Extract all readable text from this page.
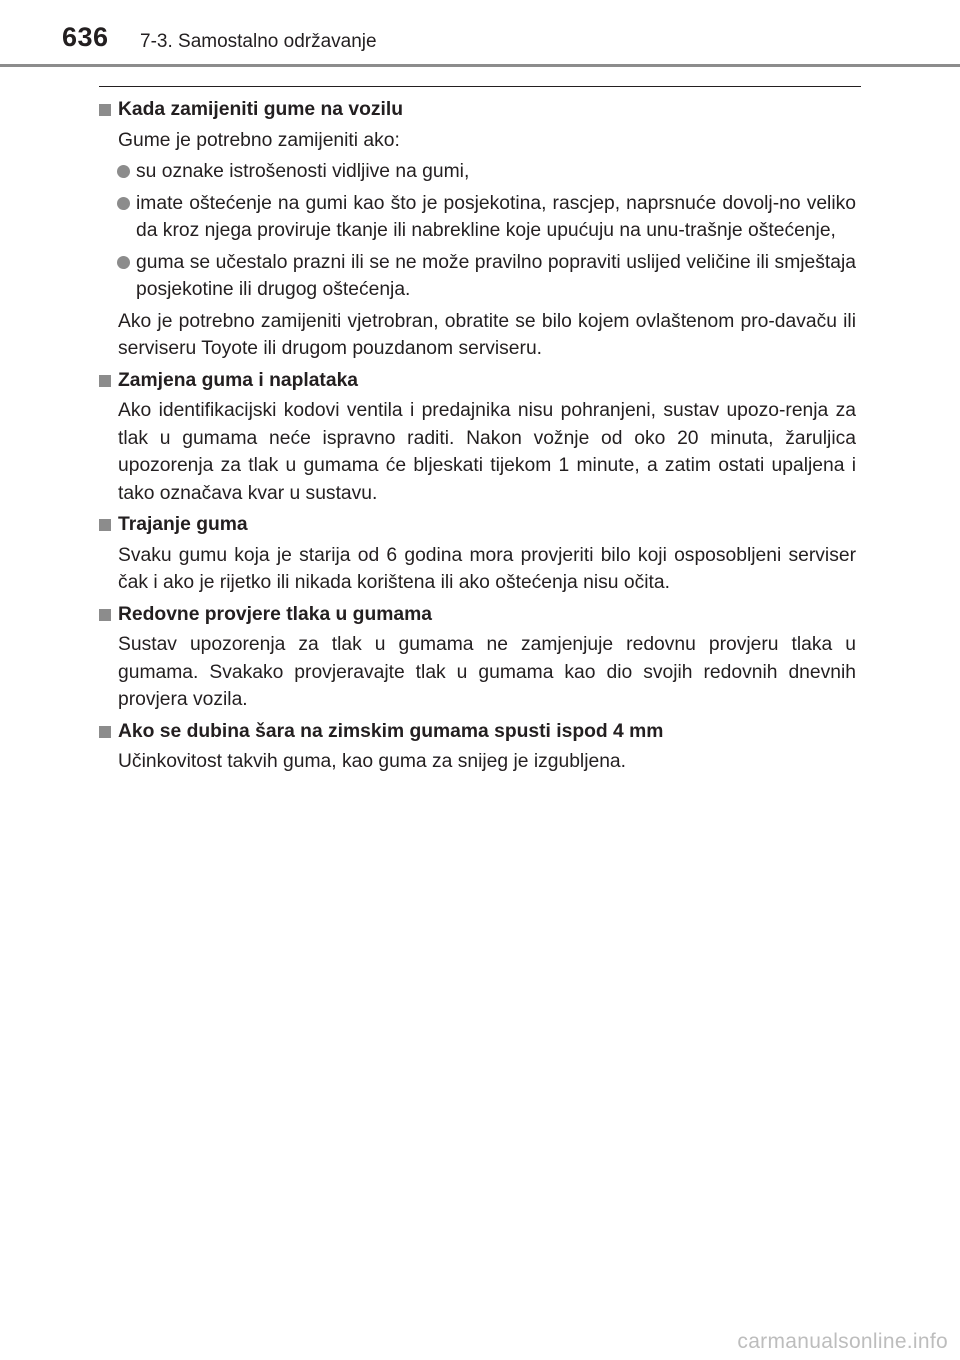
636 7-3. Samostalno održavanje
Kada zamijeniti gume na vozilu
Gume je potrebno zamijeniti ako:
su oznake istrošenosti vidljive na gumi,
imate oštećenje na gumi kao što je posjekotina, rascjep, naprsnuće dovolj-no veliko da kroz njega proviruje tkanje ili nabrekline koje upućuju na unu-trašnje oštećenje,
guma se učestalo prazni ili se ne može pravilno popraviti uslijed veličine ili smještaja posjekotine ili drugog oštećenja.
Ako je potrebno zamijeniti vjetrobran, obratite se bilo kojem ovlaštenom pro-davaču ili serviseru Toyote ili drugom pouzdanom serviseru.
Zamjena guma i naplataka
Ako identifikacijski kodovi ventila i predajnika nisu pohranjeni, sustav upozo-renja za tlak u gumama neće ispravno raditi. Nakon vožnje od oko 20 minuta, žaruljica upozorenja za tlak u gumama će bljeskati tijekom 1 minute, a zatim ostati upaljena i tako označava kvar u sustavu.
Trajanje guma
Svaku gumu koja je starija od 6 godina mora provjeriti bilo koji osposobljeni serviser čak i ako je rijetko ili nikada korištena ili ako oštećenja nisu očita.
Redovne provjere tlaka u gumama
Sustav upozorenja za tlak u gumama ne zamjenjuje redovnu provjeru tlaka u gumama. Svakako provjeravajte tlak u gumama kao dio svojih redovnih dnevnih provjera vozila.
Ako se dubina šara na zimskim gumama spusti ispod 4 mm
Učinkovitost takvih guma, kao guma za snijeg je izgubljena.
carmanualsonline.info
